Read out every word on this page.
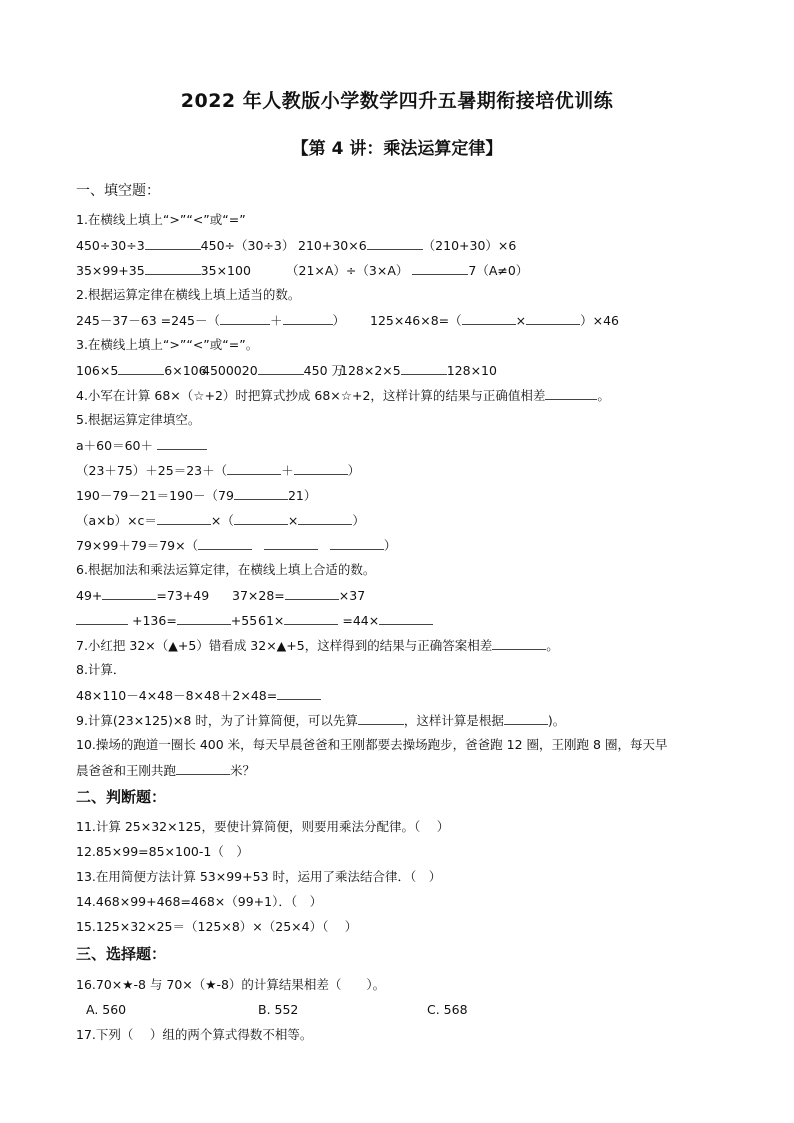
2022 年人教版小学数学四升五暑期衔接培优训练
【第 4 讲：乘法运算定律】
一、填空题：
1.在横线上填上“>”“<”或“=”
450÷30÷3	450÷（30÷3） 210+30×6	（210+30）×6
35×99+35	35×100	（21×A）÷（3×A）	7（A≠0）
2.根据运算定律在横线上填上适当的数。
245－37－63 =245－（	＋	） 125×46×8=（	×	）×46
3.在横线上填上“>”“<”或“=”。
106×5	6×106
4500020	450 万
128×2×5	128×10
4.小军在计算 68×（☆+2）时把算式抄成 68×☆+2，这样计算的结果与正确值相差	。
5.根据运算定律填空。
a＋60＝60＋
（23＋75）＋25＝23＋（	＋	）
190－79－21＝190－（79	21）
（a×b）×c＝	×（	×	）
79×99＋79＝79×（	）
6.根据加法和乘法运算定律，在横线上填上合适的数。
49+	=73+49 37×28=	×37
+136=	+55 61×	=44×
7.小红把 32×（▲+5）错看成 32×▲+5，这样得到的结果与正确答案相差	。
8.计算．
48×110－4×48－8×48＋2×48=
9.计算(23×125)×8 时，为了计算简便，可以先算	，这样计算是根据	)。
10.操场的跑道一圈长 400 米，每天早晨爸爸和王刚都要去操场跑步，爸爸跑 12 圈，王刚跑 8 圈，每天早
晨爸爸和王刚共跑	米？
二、判断题：
11.计算 25×32×125，要使计算简便，则要用乘法分配律。（　 ）
12.85×99=85×100-1（　）
13.在用简便方法计算 53×99+53 时，运用了乘法结合律．（　）
14.468×99+468=468×（99+1）．（　）
15.125×32×25＝（125×8）×（25×4）（　 ）
三、选择题：
16.70×★-8 与 70×（★-8）的计算结果相差（　　）。
A. 560	B. 552	C. 568
17.下列（　 ）组的两个算式得数不相等。
